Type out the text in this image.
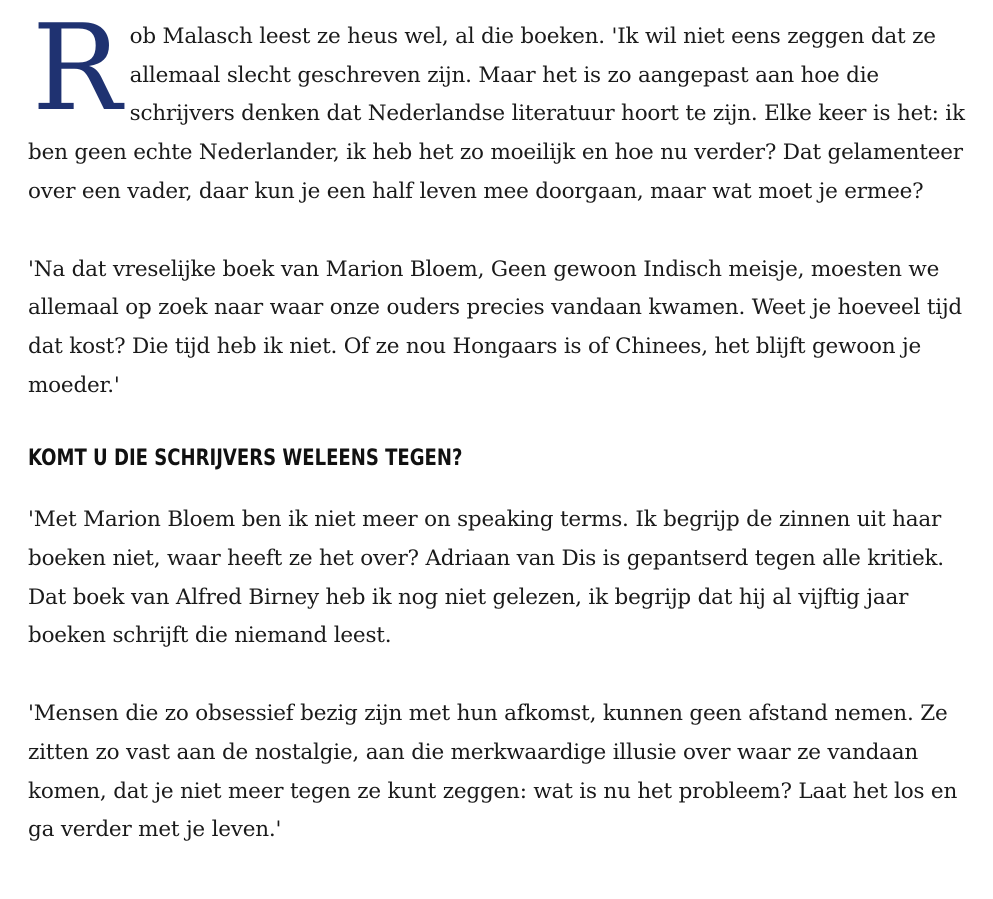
Rob Malasch leest ze heus wel, al die boeken. 'Ik wil niet eens zeggen dat ze allemaal slecht geschreven zijn. Maar het is zo aangepast aan hoe die schrijvers denken dat Nederlandse literatuur hoort te zijn. Elke keer is het: ik ben geen echte Nederlander, ik heb het zo moeilijk en hoe nu verder? Dat gelamenteer over een vader, daar kun je een half leven mee doorgaan, maar wat moet je ermee?

'Na dat vreselijke boek van Marion Bloem, Geen gewoon Indisch meisje, moesten we allemaal op zoek naar waar onze ouders precies vandaan kwamen. Weet je hoeveel tijd dat kost? Die tijd heb ik niet. Of ze nou Hongaars is of Chinees, het blijft gewoon je moeder.'

KOMT U DIE SCHRIJVERS WELEENS TEGEN?

'Met Marion Bloem ben ik niet meer on speaking terms. Ik begrijp de zinnen uit haar boeken niet, waar heeft ze het over? Adriaan van Dis is gepantserd tegen alle kritiek. Dat boek van Alfred Birney heb ik nog niet gelezen, ik begrijp dat hij al vijftig jaar boeken schrijft die niemand leest.

'Mensen die zo obsessief bezig zijn met hun afkomst, kunnen geen afstand nemen. Ze zitten zo vast aan de nostalgie, aan die merkwaardige illusie over waar ze vandaan komen, dat je niet meer tegen ze kunt zeggen: wat is nu het probleem? Laat het los en ga verder met je leven.'
